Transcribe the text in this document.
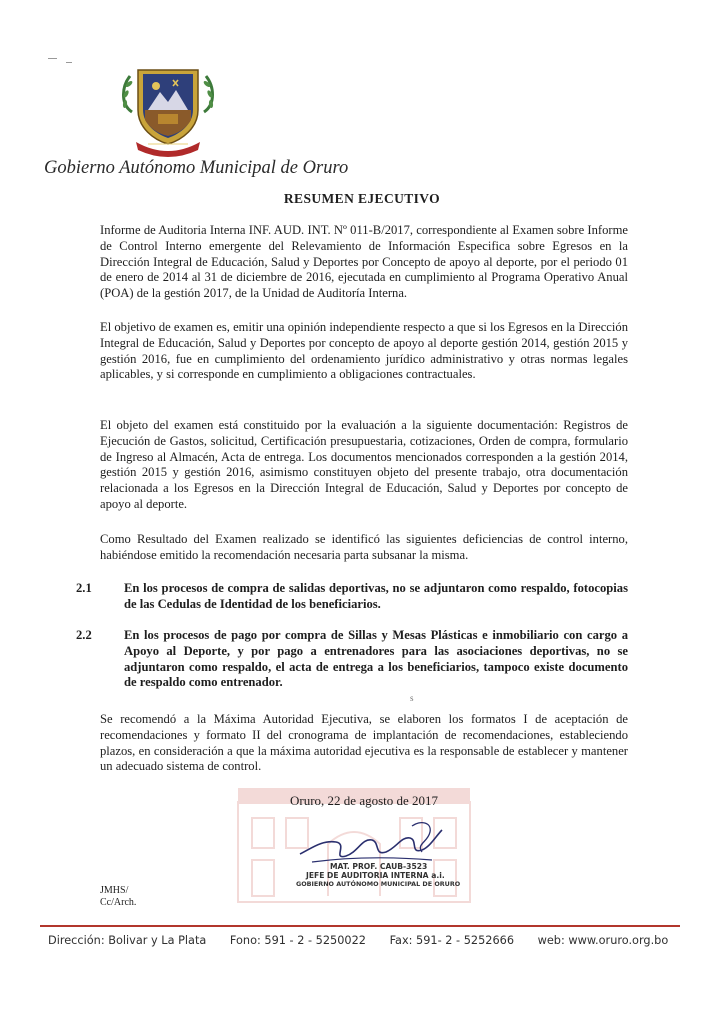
Gobierno Autónomo Municipal de Oruro
RESUMEN EJECUTIVO
Informe de Auditoria Interna INF. AUD. INT. Nº 011-B/2017, correspondiente al Examen sobre Informe de Control Interno emergente del Relevamiento de Información Especifica sobre Egresos en la Dirección Integral de Educación, Salud y Deportes por Concepto de apoyo al deporte, por el periodo 01 de enero de 2014 al 31 de diciembre de 2016, ejecutada en cumplimiento al Programa Operativo Anual (POA) de la gestión 2017, de la Unidad de Auditoría Interna.
El objetivo de examen es, emitir una opinión independiente respecto a que si los Egresos en la Dirección Integral de Educación, Salud y Deportes por concepto de apoyo al deporte gestión 2014, gestión 2015 y gestión 2016, fue en cumplimiento del ordenamiento jurídico administrativo y otras normas legales aplicables, y si corresponde en cumplimiento a obligaciones contractuales.
El objeto del examen está constituido por la evaluación a la siguiente documentación: Registros de Ejecución de Gastos, solicitud, Certificación presupuestaria, cotizaciones, Orden de compra, formulario de Ingreso al Almacén, Acta de entrega. Los documentos mencionados corresponden a la gestión 2014, gestión 2015 y gestión 2016, asimismo constituyen objeto del presente trabajo, otra documentación relacionada a los Egresos en la Dirección Integral de Educación, Salud y Deportes por concepto de apoyo al deporte.
Como Resultado del Examen realizado se identificó las siguientes deficiencias de control interno, habiéndose emitido la recomendación necesaria parta subsanar la misma.
2.1	En los procesos de compra de salidas deportivas, no se adjuntaron como respaldo, fotocopias de las Cedulas de Identidad de los beneficiarios.
2.2	En los procesos de pago por compra de Sillas y Mesas Plásticas e inmobiliario con cargo a Apoyo al Deporte, y por pago a entrenadores para las asociaciones deportivas, no se adjuntaron como respaldo, el acta de entrega a los beneficiarios, tampoco existe documento de respaldo como entrenador.
s
Se recomendó a la Máxima Autoridad Ejecutiva, se elaboren los formatos I de aceptación de recomendaciones y formato II del cronograma de implantación de recomendaciones, estableciendo plazos, en consideración a que la máxima autoridad ejecutiva es la responsable de establecer y mantener un adecuado sistema de control.
Oruro, 22 de agosto de 2017
MAT. PROF. CAUB-3523
JEFE DE AUDITORIA INTERNA a.i.
GOBIERNO AUTÓNOMO MUNICIPAL DE ORURO
JMHS/
Cc/Arch.
Dirección: Bolivar y La Plata Fono: 591 - 2 - 5250022 Fax: 591- 2 - 5252666 web: www.oruro.org.bo
